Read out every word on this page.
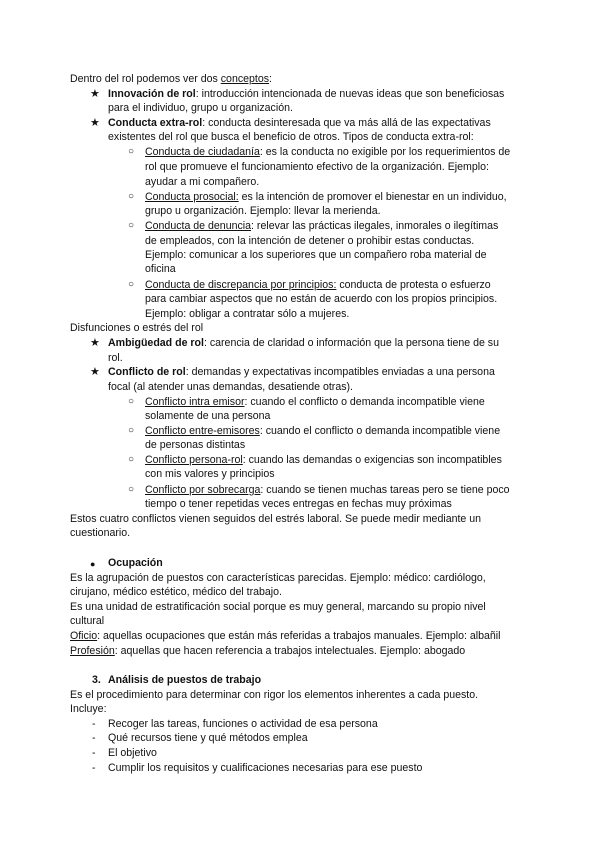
Dentro del rol podemos ver dos conceptos:
★ Innovación de rol: introducción intencionada de nuevas ideas que son beneficiosas
para el individuo, grupo u organización.
★ Conducta extra-rol: conducta desinteresada que va más allá de las expectativas
existentes del rol que busca el beneficio de otros. Tipos de conducta extra-rol:
○ Conducta de ciudadanía: es la conducta no exigible por los requerimientos de
rol que promueve el funcionamiento efectivo de la organización. Ejemplo:
ayudar a mi compañero.
○ Conducta prosocial: es la intención de promover el bienestar en un individuo,
grupo u organización. Ejemplo: llevar la merienda.
○ Conducta de denuncia: relevar las prácticas ilegales, inmorales o ilegítimas
de empleados, con la intención de detener o prohibir estas conductas.
Ejemplo: comunicar a los superiores que un compañero roba material de
oficina
○ Conducta de discrepancia por principios: conducta de protesta o esfuerzo
para cambiar aspectos que no están de acuerdo con los propios principios.
Ejemplo: obligar a contratar sólo a mujeres.
Disfunciones o estrés del rol
★ Ambigüedad de rol: carencia de claridad o información que la persona tiene de su
rol.
★ Conflicto de rol: demandas y expectativas incompatibles enviadas a una persona
focal (al atender unas demandas, desatiende otras).
○ Conflicto intra emisor: cuando el conflicto o demanda incompatible viene
solamente de una persona
○ Conflicto entre-emisores: cuando el conflicto o demanda incompatible viene
de personas distintas
○ Conflicto persona-rol: cuando las demandas o exigencias son incompatibles
con mis valores y principios
○ Conflicto por sobrecarga: cuando se tienen muchas tareas pero se tiene poco
tiempo o tener repetidas veces entregas en fechas muy próximas
Estos cuatro conflictos vienen seguidos del estrés laboral. Se puede medir mediante un
cuestionario.
● Ocupación
Es la agrupación de puestos con características parecidas. Ejemplo: médico: cardiólogo,
cirujano, médico estético, médico del trabajo.
Es una unidad de estratificación social porque es muy general, marcando su propio nivel
cultural
Oficio: aquellas ocupaciones que están más referidas a trabajos manuales. Ejemplo: albañil
Profesión: aquellas que hacen referencia a trabajos intelectuales. Ejemplo: abogado
3. Análisis de puestos de trabajo
Es el procedimiento para determinar con rigor los elementos inherentes a cada puesto.
Incluye:
- Recoger las tareas, funciones o actividad de esa persona
- Qué recursos tiene y qué métodos emplea
- El objetivo
- Cumplir los requisitos y cualificaciones necesarias para ese puesto
